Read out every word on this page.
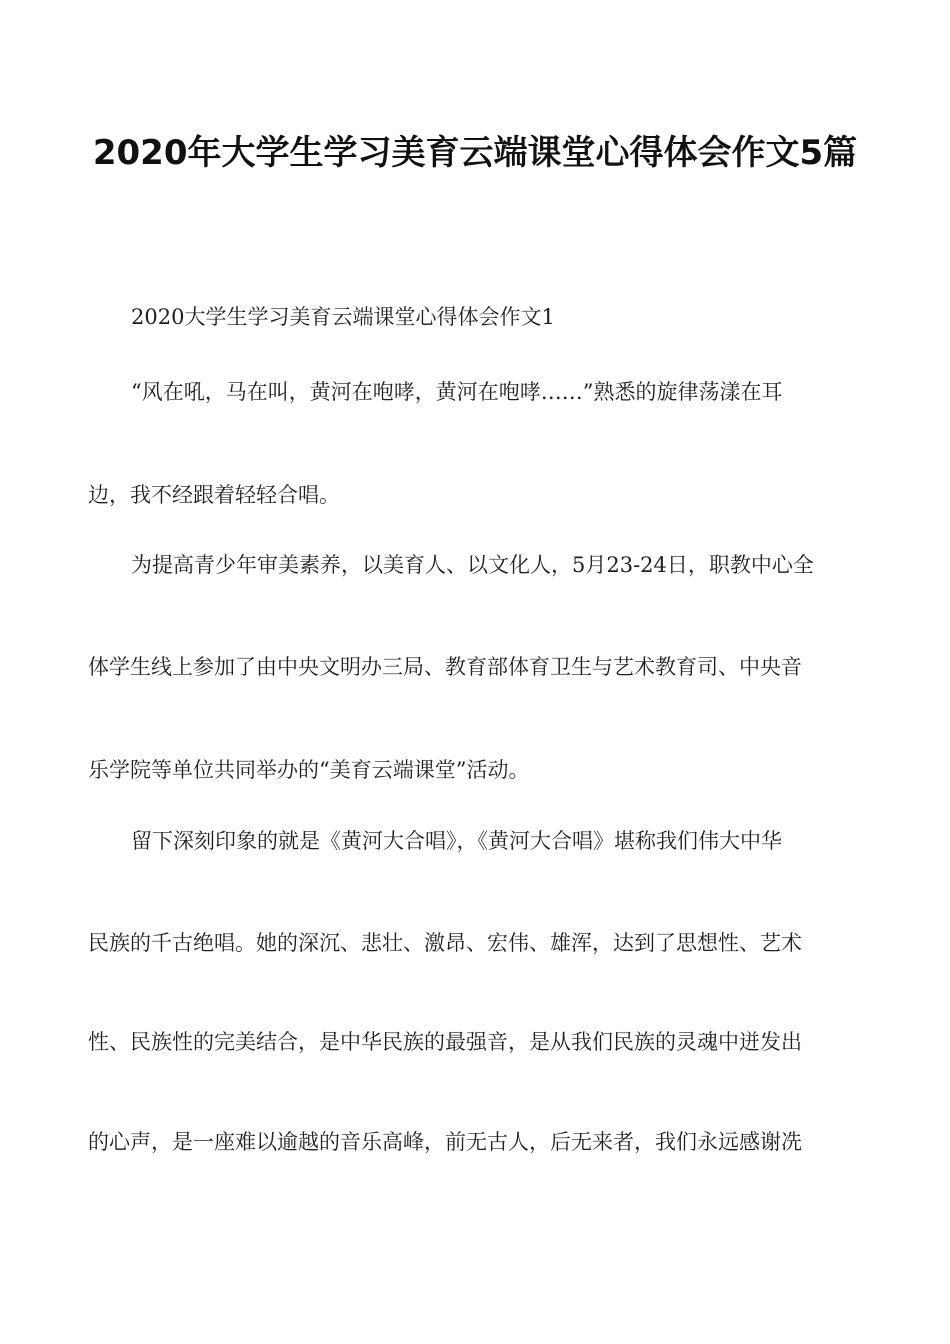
2020年大学生学习美育云端课堂心得体会作文5篇
2020大学生学习美育云端课堂心得体会作文1
“风在吼，马在叫，黄河在咆哮，黄河在咆哮……”熟悉的旋律荡漾在耳
边，我不经跟着轻轻合唱。
为提高青少年审美素养，以美育人、以文化人，5月23-24日，职教中心全
体学生线上参加了由中央文明办三局、教育部体育卫生与艺术教育司、中央音
乐学院等单位共同举办的“美育云端课堂”活动。
留下深刻印象的就是《黄河大合唱》，《黄河大合唱》堪称我们伟大中华
民族的千古绝唱。她的深沉、悲壮、激昂、宏伟、雄浑，达到了思想性、艺术
性、民族性的完美结合，是中华民族的最强音，是从我们民族的灵魂中迸发出
的心声，是一座难以逾越的音乐高峰，前无古人，后无来者，我们永远感谢冼
